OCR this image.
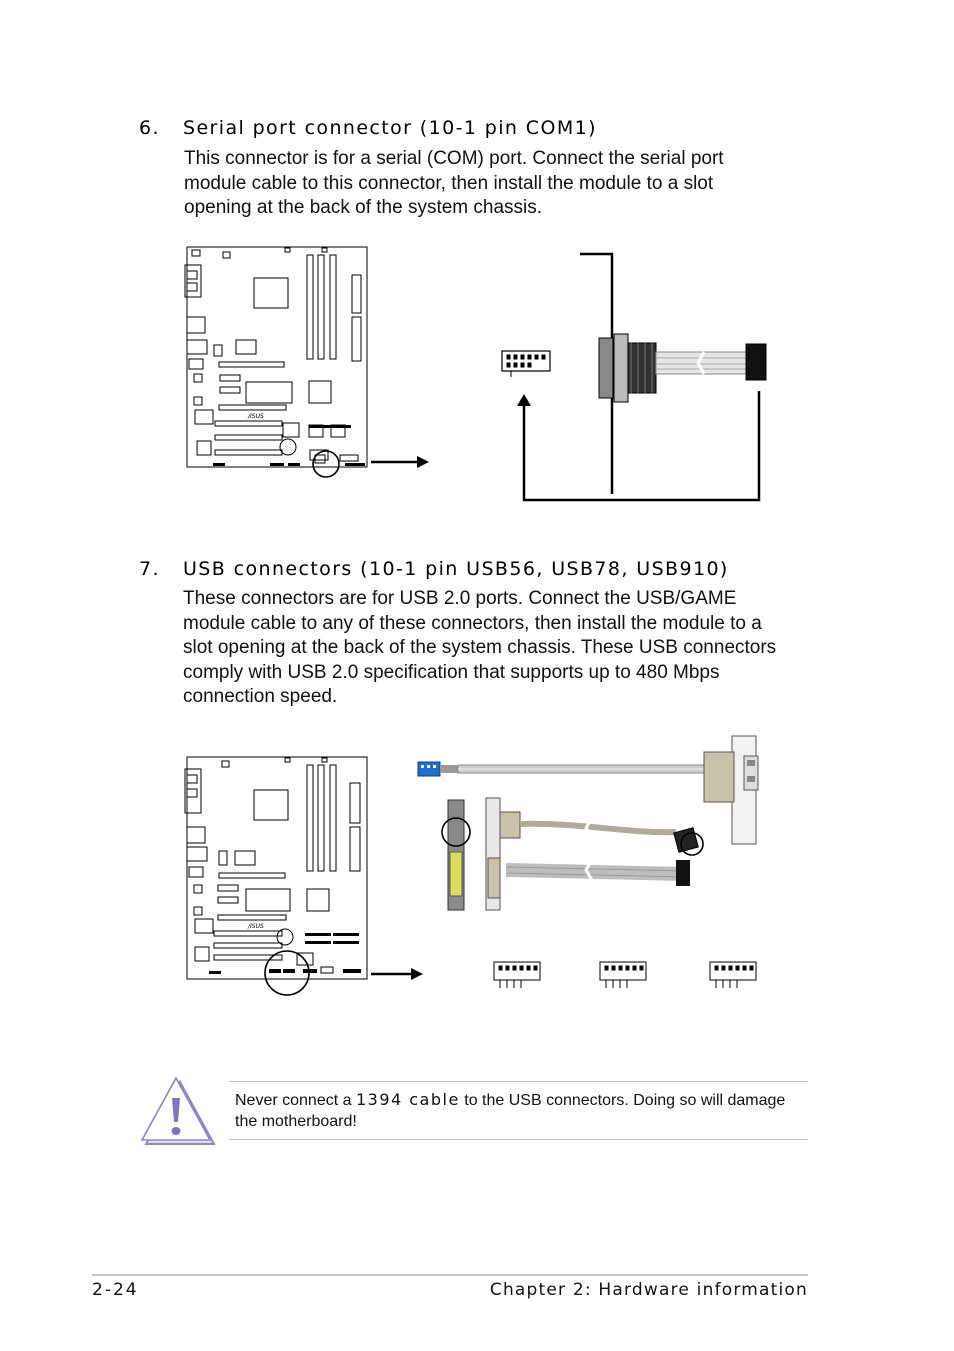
6. Serial port connector (10-1 pin COM1)
This connector is for a serial (COM) port. Connect the serial port
module cable to this connector, then install the module to a slot
opening at the back of the system chassis.
/ISUS
7. USB connectors (10-1 pin USB56, USB78, USB910)
These connectors are for USB 2.0 ports. Connect the USB/GAME
module cable to any of these connectors, then install the module to a
slot opening at the back of the system chassis. These USB connectors
comply with USB 2.0 specification that supports up to 480 Mbps
connection speed.
/ISUS
Never connect a 1394 cable to the USB connectors. Doing so will damage the motherboard!
2-24	Chapter 2: Hardware information
